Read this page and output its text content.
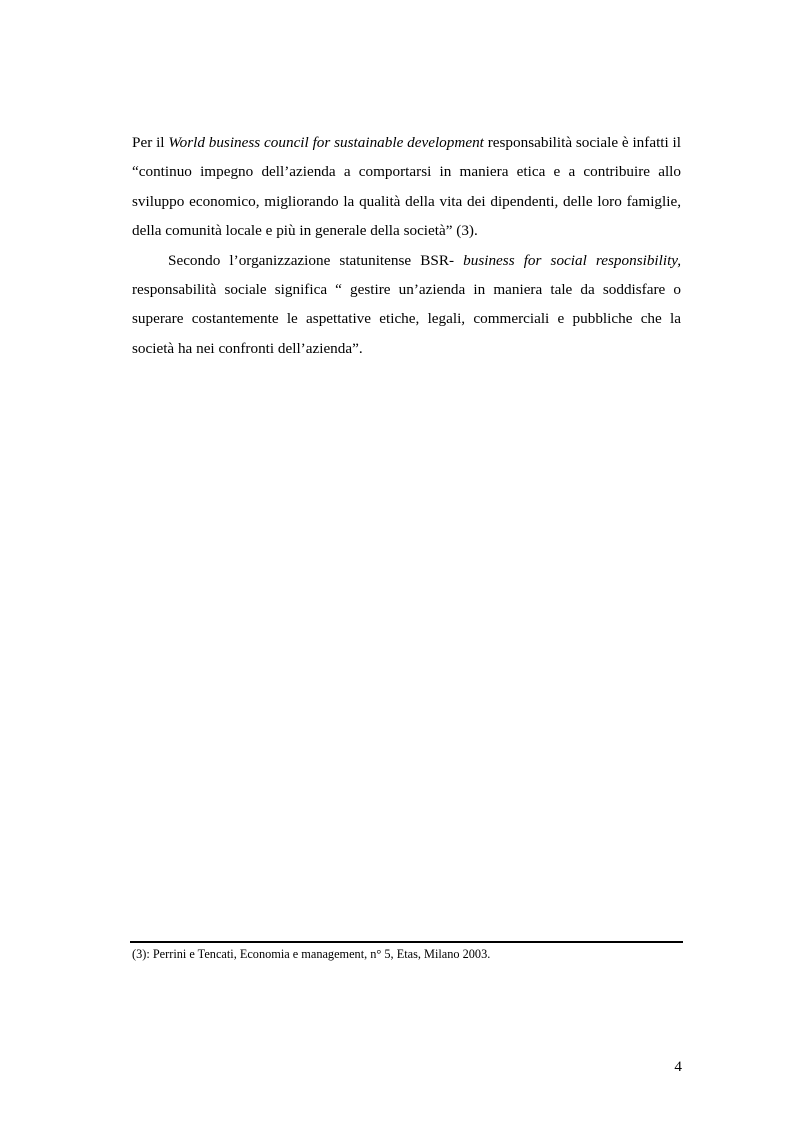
Per il World business council for sustainable development responsabilità sociale è infatti il “continuo impegno dell’azienda a comportarsi in maniera etica e a contribuire allo sviluppo economico, migliorando la qualità della vita dei dipendenti, delle loro famiglie, della comunità locale e più in generale della società” (3).

Secondo l’organizzazione statunitense BSR- business for social responsibility, responsabilità sociale significa “ gestire un’azienda in maniera tale da soddisfare o superare costantemente le aspettative etiche, legali, commerciali e pubbliche che la società ha nei confronti dell’azienda”.

(3): Perrini e Tencati, Economia e management, n° 5, Etas, Milano 2003.
4
